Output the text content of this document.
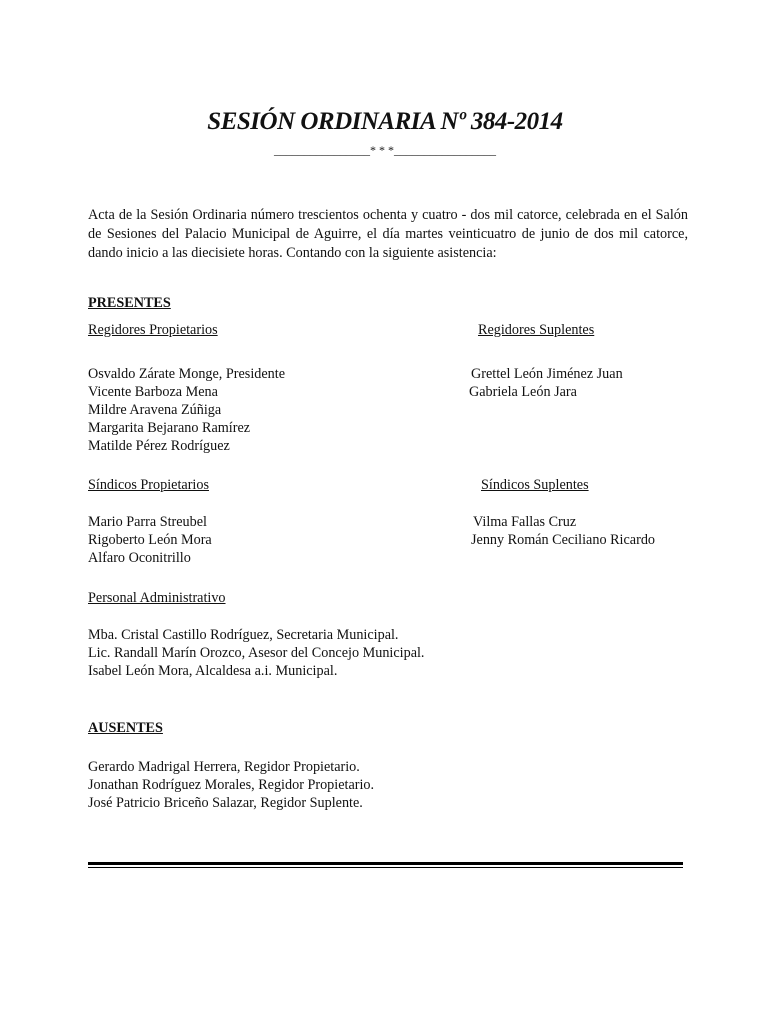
SESIÓN ORDINARIA Nº 384-2014
________________* * *_________________
Acta de la Sesión Ordinaria número trescientos ochenta y cuatro - dos mil catorce, celebrada en el Salón de Sesiones del Palacio Municipal de Aguirre, el día martes veinticuatro de junio de dos mil catorce, dando inicio a las diecisiete horas. Contando con la siguiente asistencia:
PRESENTES
Regidores Propietarios	Regidores Suplentes
Osvaldo Zárate Monge, Presidente
Vicente Barboza Mena
Mildre Aravena Zúñiga
Margarita Bejarano Ramírez
Matilde Pérez Rodríguez
Grettel León Jiménez Juan
Gabriela León Jara
Síndicos Propietarios	Síndicos Suplentes
Mario Parra Streubel
Rigoberto León Mora
Alfaro Oconitrillo
Vilma Fallas Cruz
Jenny Román Ceciliano Ricardo
Personal Administrativo
Mba. Cristal Castillo Rodríguez, Secretaria Municipal.
Lic. Randall Marín Orozco, Asesor del Concejo Municipal.
Isabel León Mora, Alcaldesa a.i. Municipal.
AUSENTES
Gerardo Madrigal Herrera, Regidor Propietario.
Jonathan Rodríguez Morales, Regidor Propietario.
José Patricio Briceño Salazar, Regidor Suplente.
